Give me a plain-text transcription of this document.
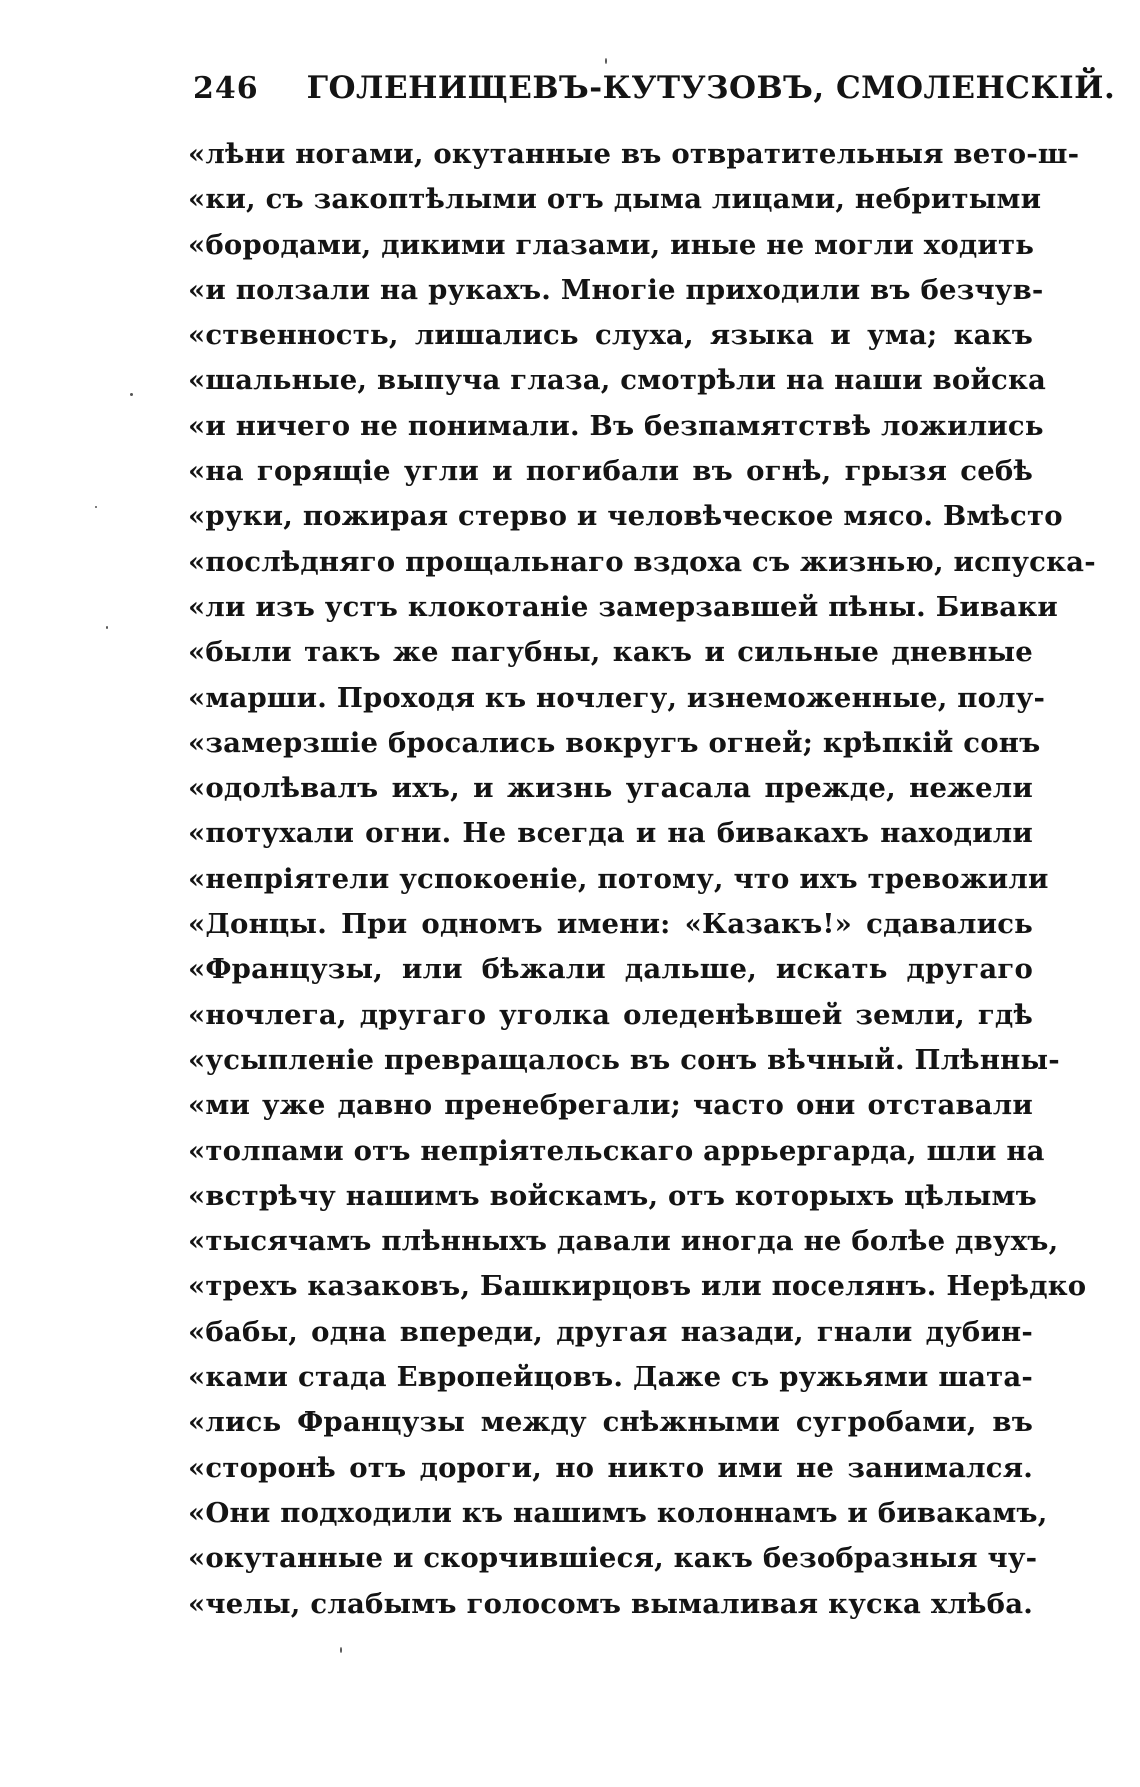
246 ГОЛЕНИЩЕВЪ-КУТУЗОВЪ, СМОЛЕНСКІЙ.
«лѣни ногами, окутанные въ отвратительныя вето-ш-
«ки, съ закоптѣлыми отъ дыма лицами, небритыми
«бородами, дикими глазами, иные не могли ходить
«и ползали на рукахъ. Многіе приходили въ безчув-
«ственность, лишались слуха, языка и ума; какъ
«шальные, выпуча глаза, смотрѣли на наши войска
«и ничего не понимали. Въ безпамятствѣ ложились
«на горящіе угли и погибали въ огнѣ, грызя себѣ
«руки, пожирая стерво и человѣческое мясо. Вмѣсто
«послѣдняго прощальнаго вздоха съ жизнью, испуска-
«ли изъ устъ клокотаніе замерзавшей пѣны. Биваки
«были такъ же пагубны, какъ и сильные дневные
«марши. Проходя къ ночлегу, изнеможенные, полу-
«замерзшіе бросались вокругъ огней; крѣпкій сонъ
«одолѣвалъ ихъ, и жизнь угасала прежде, нежели
«потухали огни. Не всегда и на бивакахъ находили
«непріятели успокоеніе, потому, что ихъ тревожили
«Донцы. При одномъ имени: «Казакъ!» сдавались
«Французы, или бѣжали дальше, искать другаго
«ночлега, другаго уголка оледенѣвшей земли, гдѣ
«усыпленіе превращалось въ сонъ вѣчный. Плѣнны-
«ми уже давно пренебрегали; часто они отставали
«толпами отъ непріятельскаго аррьергарда, шли на
«встрѣчу нашимъ войскамъ, отъ которыхъ цѣлымъ
«тысячамъ плѣнныхъ давали иногда не болѣе двухъ,
«трехъ казаковъ, Башкирцовъ или поселянъ. Нерѣдко
«бабы, одна впереди, другая назади, гнали дубин-
«ками стада Европейцовъ. Даже съ ружьями шата-
«лись Французы между снѣжными сугробами, въ
«сторонѣ отъ дороги, но никто ими не занимался.
«Они подходили къ нашимъ колоннамъ и бивакамъ,
«окутанные и скорчившіеся, какъ безобразныя чу-
«челы, слабымъ голосомъ вымаливая куска хлѣба.
